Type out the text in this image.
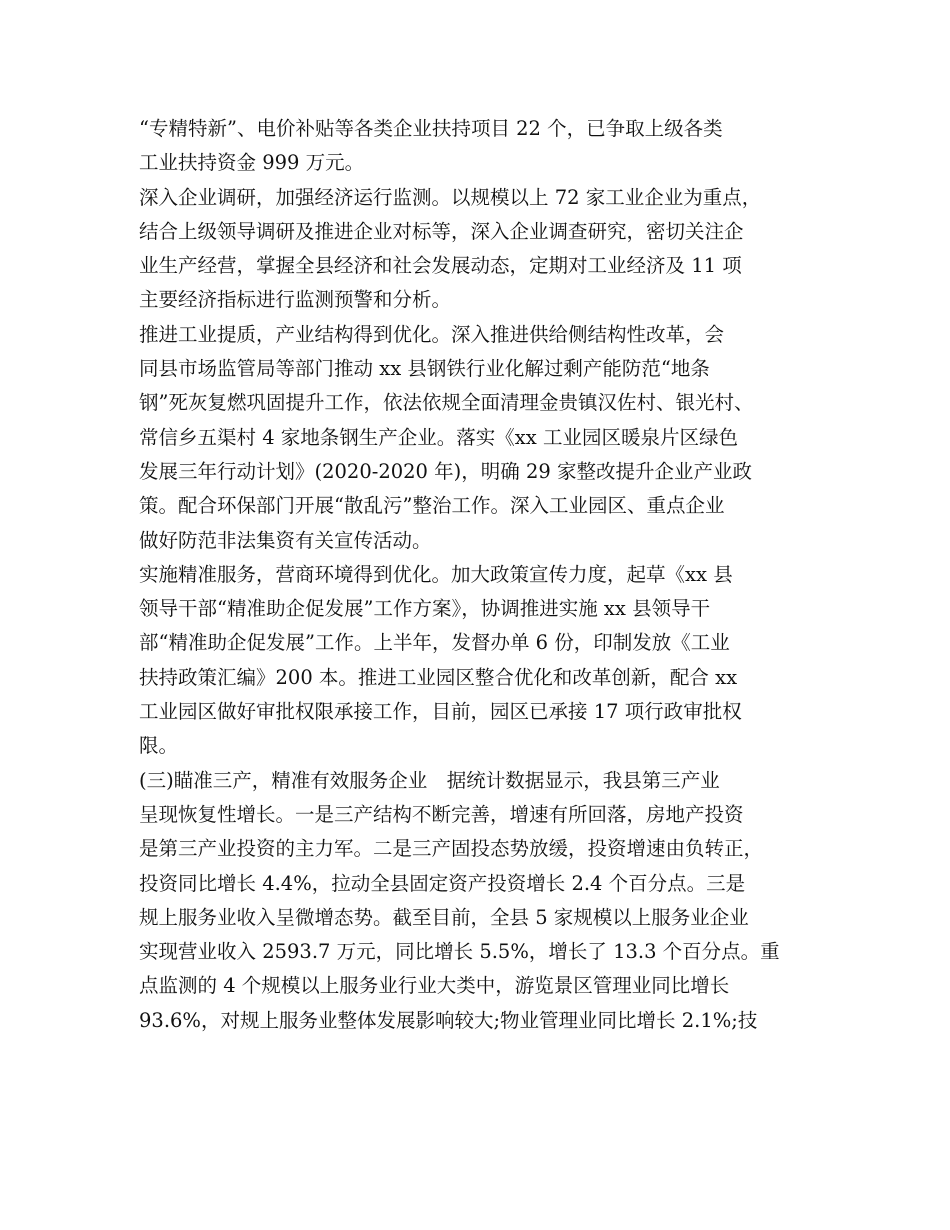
“专精特新”、电价补贴等各类企业扶持项目 22 个，已争取上级各类
工业扶持资金 999 万元。
深入企业调研，加强经济运行监测。以规模以上 72 家工业企业为重点，
结合上级领导调研及推进企业对标等，深入企业调查研究，密切关注企
业生产经营，掌握全县经济和社会发展动态，定期对工业经济及 11 项
主要经济指标进行监测预警和分析。
推进工业提质，产业结构得到优化。深入推进供给侧结构性改革，会
同县市场监管局等部门推动 xx 县钢铁行业化解过剩产能防范“地条
钢”死灰复燃巩固提升工作，依法依规全面清理金贵镇汉佐村、银光村、
常信乡五渠村 4 家地条钢生产企业。落实《xx 工业园区暖泉片区绿色
发展三年行动计划》(2020-2020 年)，明确 29 家整改提升企业产业政
策。配合环保部门开展“散乱污”整治工作。深入工业园区、重点企业
做好防范非法集资有关宣传活动。
实施精准服务，营商环境得到优化。加大政策宣传力度，起草《xx 县
领导干部“精准助企促发展”工作方案》，协调推进实施 xx 县领导干
部“精准助企促发展”工作。上半年，发督办单 6 份，印制发放《工业
扶持政策汇编》200 本。推进工业园区整合优化和改革创新，配合 xx
工业园区做好审批权限承接工作，目前，园区已承接 17 项行政审批权
限。
(三)瞄准三产，精准有效服务企业　据统计数据显示，我县第三产业
呈现恢复性增长。一是三产结构不断完善，增速有所回落，房地产投资
是第三产业投资的主力军。二是三产固投态势放缓，投资增速由负转正，
投资同比增长 4.4%，拉动全县固定资产投资增长 2.4 个百分点。三是
规上服务业收入呈微增态势。截至目前，全县 5 家规模以上服务业企业
实现营业收入 2593.7 万元，同比增长 5.5%，增长了 13.3 个百分点。重
点监测的 4 个规模以上服务业行业大类中，游览景区管理业同比增长
93.6%，对规上服务业整体发展影响较大;物业管理业同比增长 2.1%;技
